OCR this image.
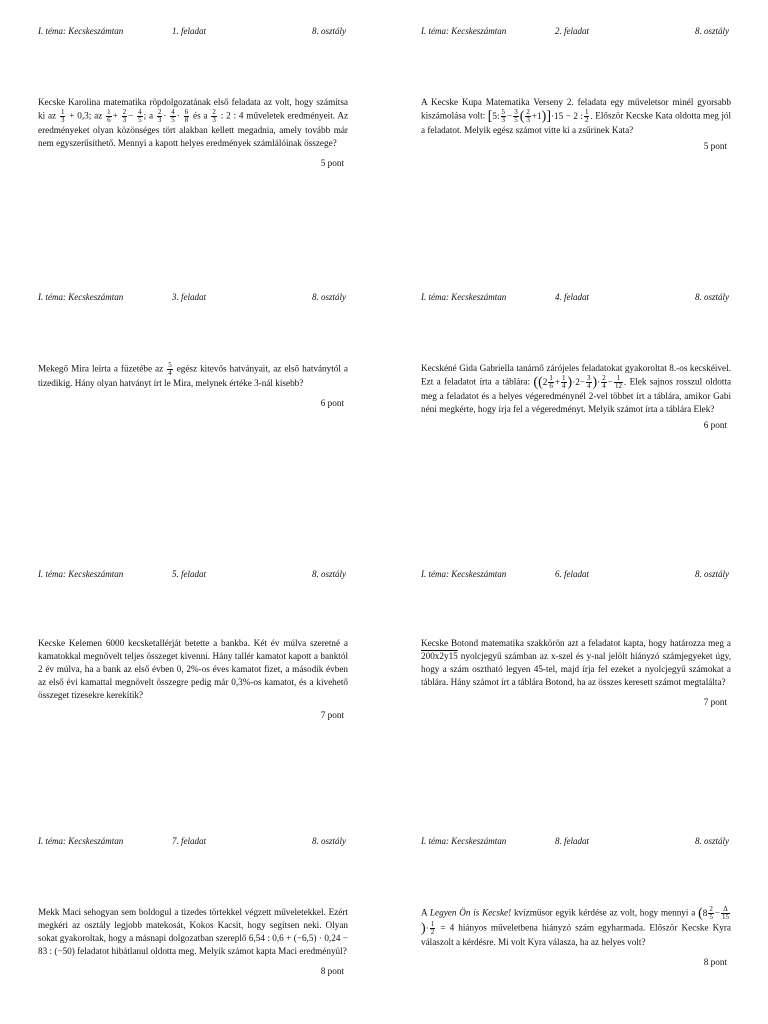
I. téma: Kecskeszámtan	1. feladat	8. osztály
Kecske Karolina matematika röpdolgozatának első feladata az volt, hogy számítsa ki az $\frac{1}{3} + 0,3$; az $\frac{1}{6} + \frac{2}{3} - \frac{4}{5}$ ; a $\frac{2}{3} \cdot \frac{4}{5} \cdot \frac{6}{8}$ és a $\frac{2}{3}$ : 2 : 4 műveletek eredményeit. Az eredményeket olyan közönséges tört alakban kellett megadnia, amely tovább már nem egyszerűsíthető. Mennyi a kapott helyes eredmények számlálóinak összege?
5 pont
I. téma: Kecskeszámtan	2. feladat	8. osztály
A Kecske Kupa Matematika Verseny 2. feladata egy műveletsor minél gyorsabb kiszámolása volt: [5: $\frac{5}{3} - \frac{3}{5}$ ( $\frac{2}{3} +1)]\cdot 15 - 2$ : $\frac{1}{2}$ . Először Kecske Kata oldotta meg jól a feladatot. Melyik egész számot vitte ki a zsűrinek Kata?
5 pont
I. téma: Kecskeszámtan	3. feladat	8. osztály
Mekegő Mira leírta a füzetébe az $\frac{5}{4}$ egész kitevős hatványait, az első hatványtól a tizedikig. Hány olyan hatványt írt le Mira, melynek értéke 3-nál kisebb?
6 pont
I. téma: Kecskeszámtan	4. feladat	8. osztály
Kecskéné Gida Gabriella tanárnő zárójeles feladatokat gyakoroltat 8.-os kecskéivel. Ezt a feladatot írta a táblára: ($(2 \frac{1}{6} + \frac{1}{4} )\cdot 2- \frac{3}{4}$ )· $\frac{2}{4} - \frac{1}{12}$ . Elek sajnos rosszul oldotta meg a feladatot és a helyes végeredménynél 2-vel többet írt a táblára, amikor Gabi néni megkérte, hogy írja fel a végeredményt. Melyik számot írta a táblára Elek?
6 pont
I. téma: Kecskeszámtan	5. feladat	8. osztály
Kecske Kelemen 6000 kecsketallérját betette a bankba. Két év múlva szeretné a kamatokkal megnövelt teljes összeget kivenni. Hány tallér kamatot kapott a banktól 2 év múlva, ha a bank az első évben 0, 2%-os éves kamatot fizet, a második évben az első évi kamattal megnövelt összegre pedig már 0,3%-os kamatot, és a kivehető összeget tizesekre kerekítik?
7 pont
I. téma: Kecskeszámtan	6. feladat	8. osztály
Kecske Botond matematika szakkörön azt a feladatot kapta, hogy határozza meg a 200x2y15 nyolcjegyű számban az x-szel és y-nal jelölt hiányzó számjegyeket úgy, hogy a szám osztható legyen 45-tel, majd írja fel ezeket a nyolcjegyű számokat a táblára. Hány számot írt a táblára Botond, ha az összes keresett számot megtalálta?
7 pont
I. téma: Kecskeszámtan	7. feladat	8. osztály
Mekk Maci sehogyan sem boldogul a tizedes törtekkel végzett műveletekkel. Ezért megkéri az osztály legjobb matekosát, Kokos Kacsit, hogy segítsen neki. Olyan sokat gyakoroltak, hogy a másnapi dolgozatban szereplő 6,54 : 0,6 + (−6,5) · 0,24 − 83 : (−50) feladatot hibátlanul oldotta meg. Melyik számot kapta Maci eredményül?
8 pont
I. téma: Kecskeszámtan	8. feladat	8. osztály
A Legyen Ön is Kecske! kvízműsor egyik kérdése az volt, hogy mennyi a ($8 \frac{2}{5} - \frac{\Delta}{15}$
)· $\frac{1}{2} = 4$ hiányos műveletbena hiányzó szám egyharmada. Először Kecske Kyra válaszolt a kérdésre. Mi volt Kyra válasza, ha az helyes volt?
8 pont
